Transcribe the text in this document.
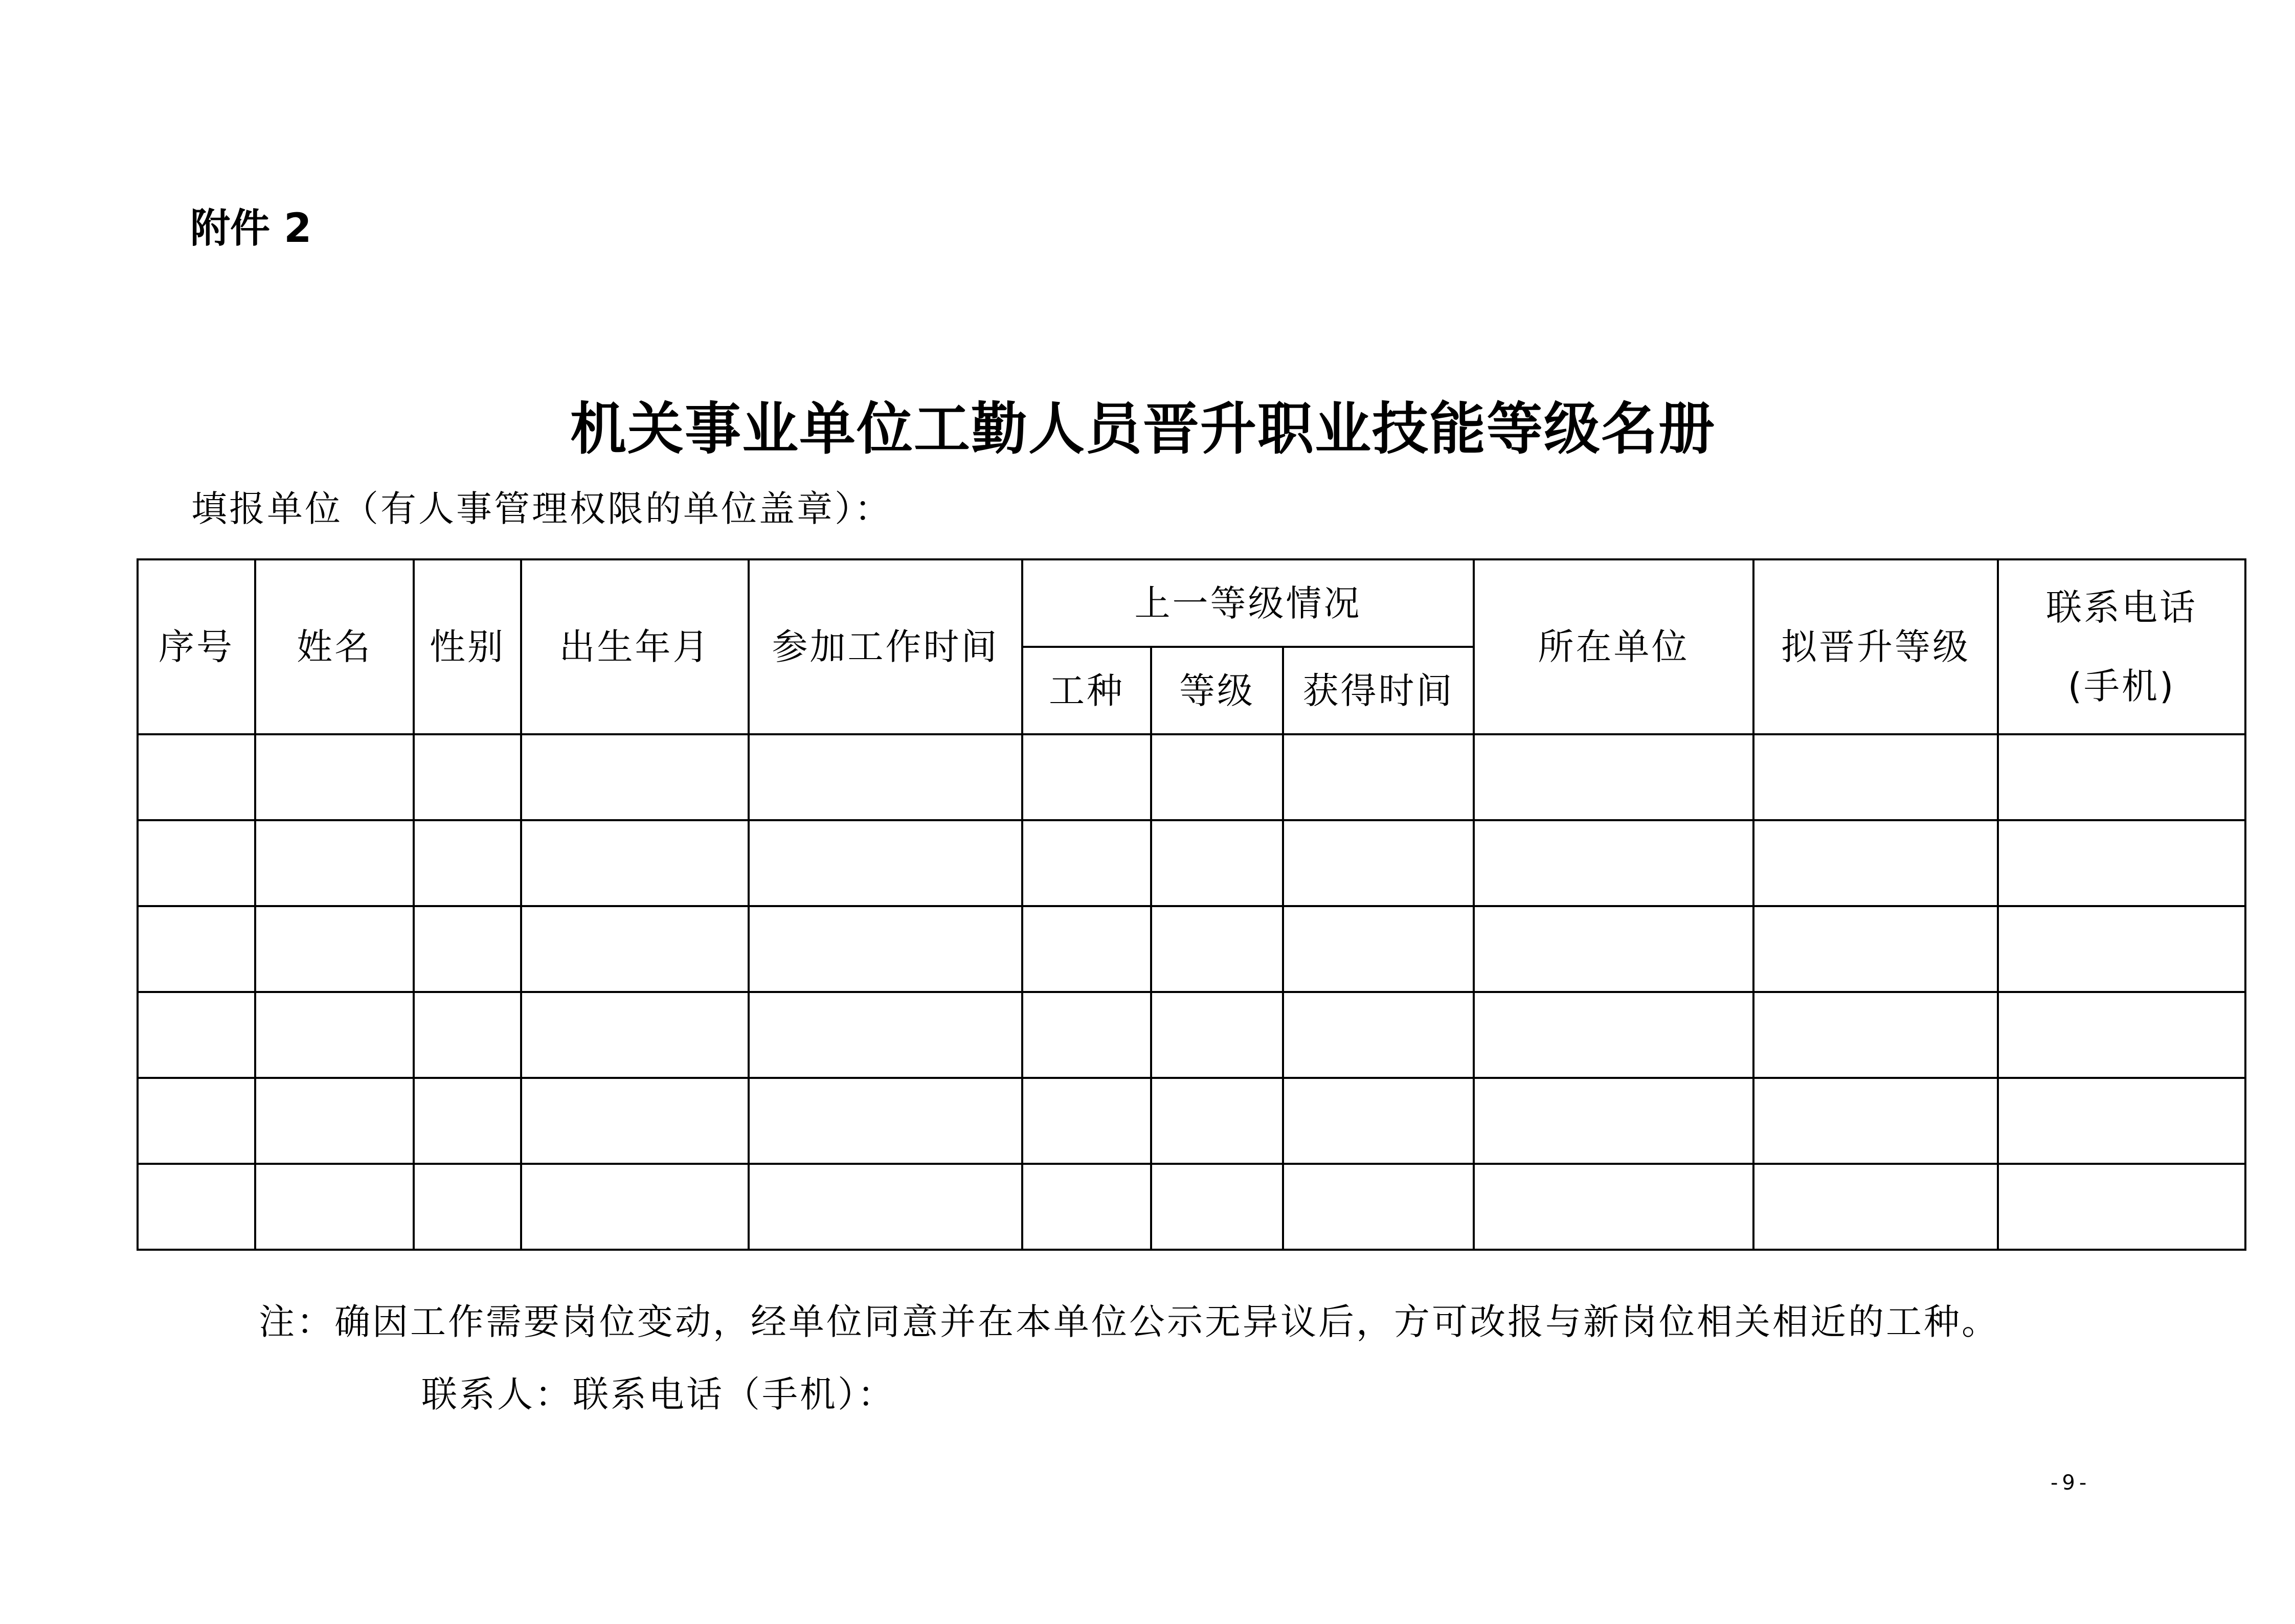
附件 2
机关事业单位工勤人员晋升职业技能等级名册
填报单位（有人事管理权限的单位盖章）：
序号	姓名	性别	出生年月	参加工作时间	上一等级情况			所在单位	拟晋升等级	联系电话
(手机)

					工种	等级	获得时间			

注：确因工作需要岗位变动，经单位同意并在本单位公示无异议后，方可改报与新岗位相关相近的工种。
联系人：联系电话（手机）：
-9-
